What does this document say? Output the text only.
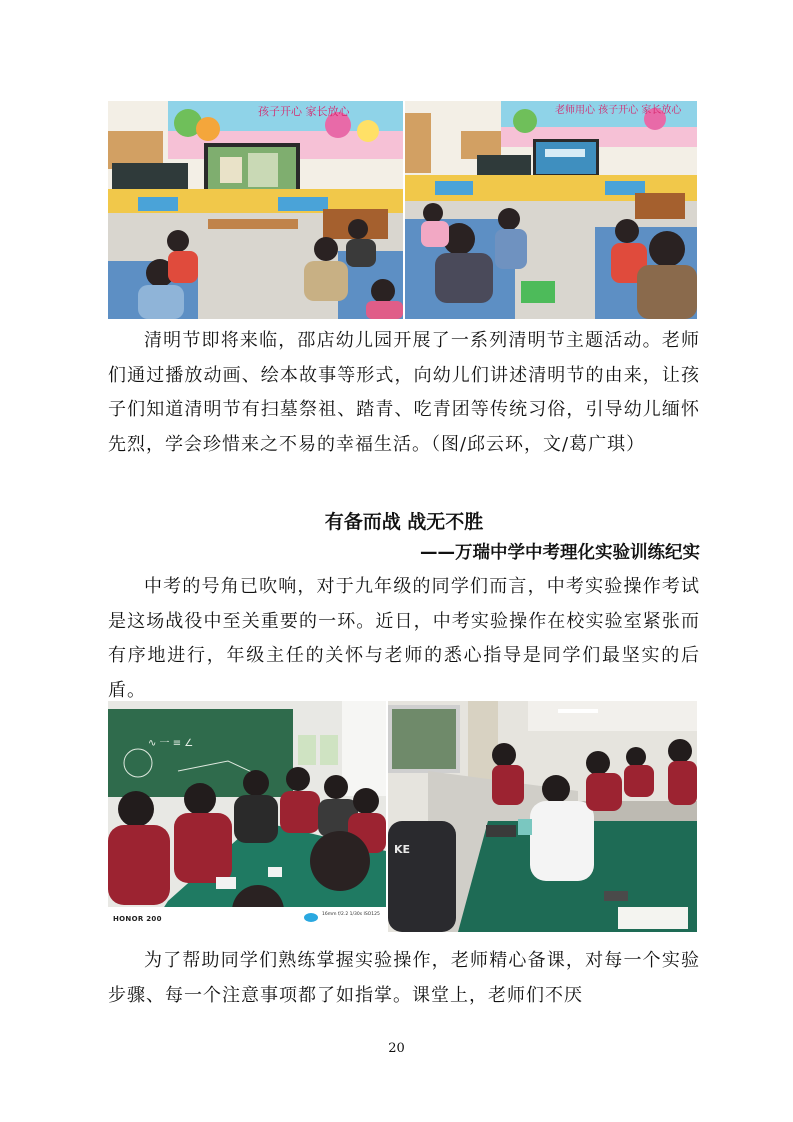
孩子开心 家长放心	老师用心 孩子开心 家长放心

清明节即将来临，邵店幼儿园开展了一系列清明节主题活动。老师们通过播放动画、绘本故事等形式，向幼儿们讲述清明节的由来，让孩子们知道清明节有扫墓祭祖、踏青、吃青团等传统习俗，引导幼儿缅怀先烈，学会珍惜来之不易的幸福生活。（图/邱云环，文/葛广琪）

有备而战 战无不胜
——万瑞中学中考理化实验训练纪实

中考的号角已吹响，对于九年级的同学们而言，中考实验操作考试是这场战役中至关重要的一环。近日，中考实验操作在校实验室紧张而有序地进行，年级主任的关怀与老师的悉心指导是同学们最坚实的后盾。

∿ 一 ≡ ∠
HONOR 200
16mm f/2.2 1/30s ISO125
KE

为了帮助同学们熟练掌握实验操作，老师精心备课，对每一个实验步骤、每一个注意事项都了如指掌。课堂上，老师们不厌

20
